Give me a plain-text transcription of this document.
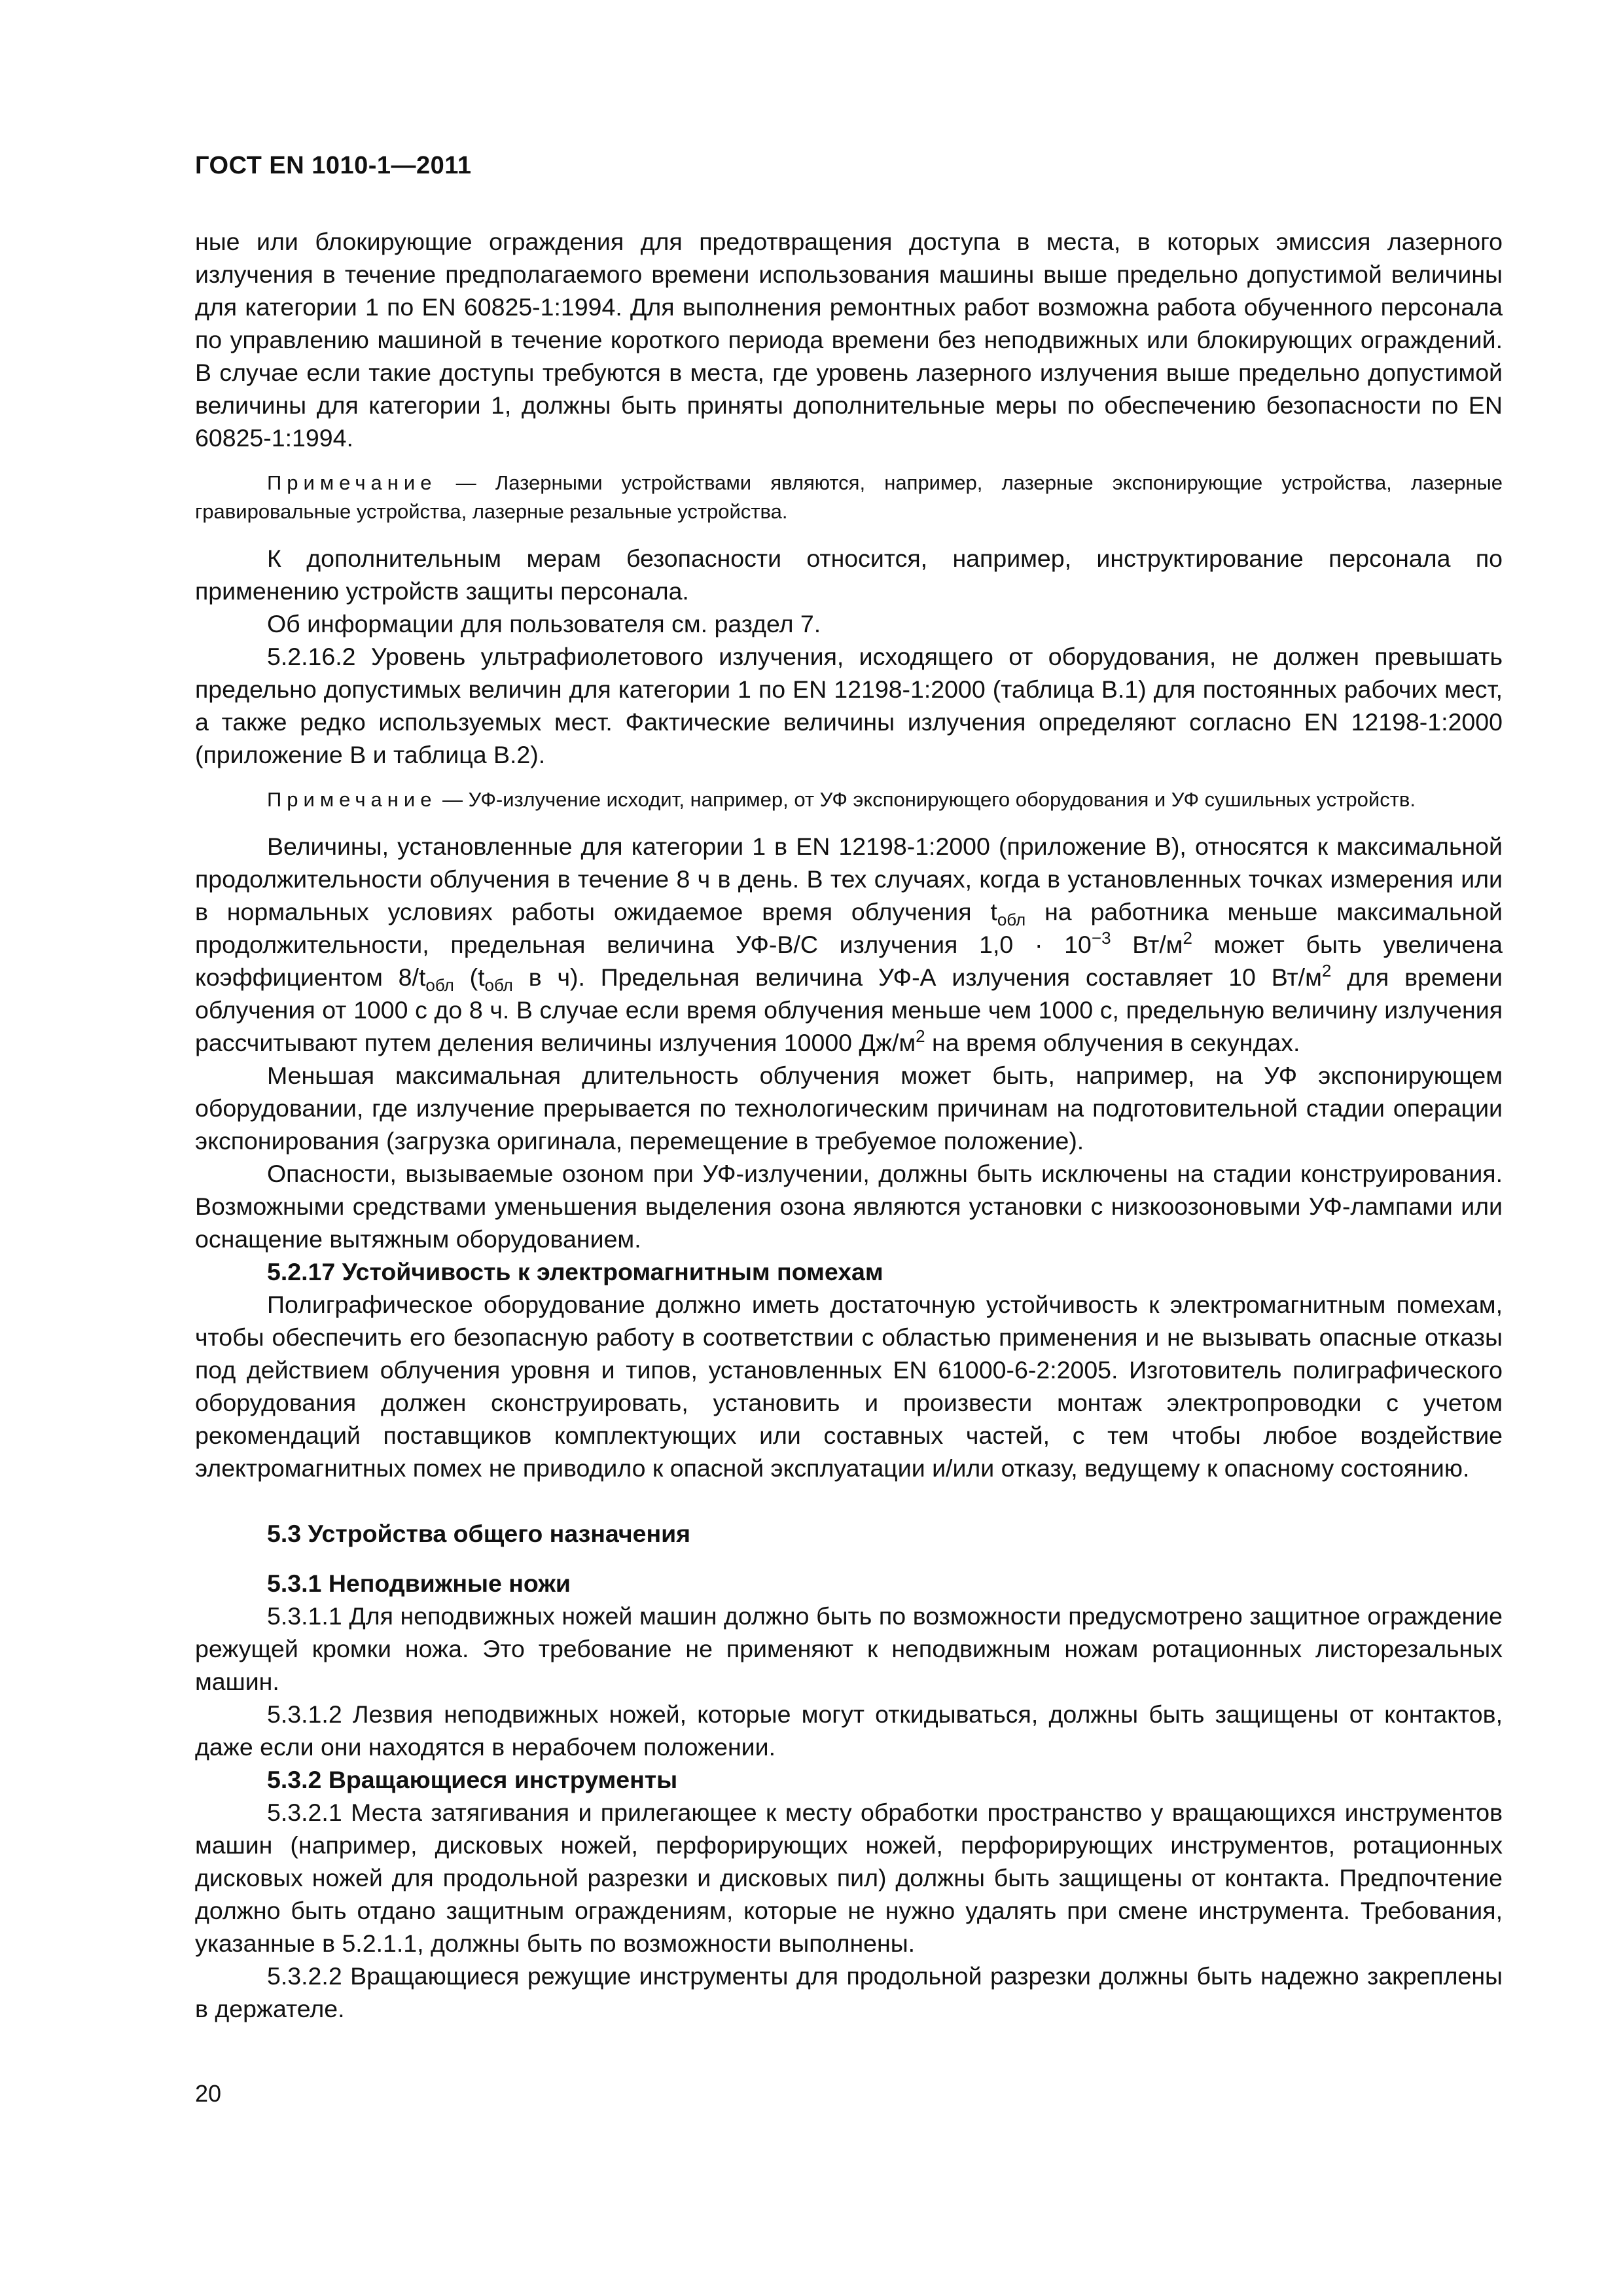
ГОСТ EN 1010-1—2011

ные или блокирующие ограждения для предотвращения доступа в места, в которых эмиссия лазерного излучения в течение предполагаемого времени использования машины выше предельно допустимой величины для категории 1 по EN 60825-1:1994. Для выполнения ремонтных работ возможна работа обученного персонала по управлению машиной в течение короткого периода времени без неподвижных или блокирующих ограждений. В случае если такие доступы требуются в места, где уровень лазерного излучения выше предельно допустимой величины для категории 1, должны быть приняты дополнительные меры по обеспечению безопасности по EN 60825-1:1994.

Примечание — Лазерными устройствами являются, например, лазерные экспонирующие устройства, лазерные гравировальные устройства, лазерные резальные устройства.

К дополнительным мерам безопасности относится, например, инструктирование персонала по применению устройств защиты персонала.

Об информации для пользователя см. раздел 7.

5.2.16.2 Уровень ультрафиолетового излучения, исходящего от оборудования, не должен превышать предельно допустимых величин для категории 1 по EN 12198-1:2000 (таблица В.1) для постоянных рабочих мест, а также редко используемых мест. Фактические величины излучения определяют согласно EN 12198-1:2000 (приложение В и таблица В.2).

Примечание — УФ-излучение исходит, например, от УФ экспонирующего оборудования и УФ сушильных устройств.

Величины, установленные для категории 1 в EN 12198-1:2000 (приложение В), относятся к максимальной продолжительности облучения в течение 8 ч в день. В тех случаях, когда в установленных точках измерения или в нормальных условиях работы ожидаемое время облучения $t_{обл}$ на работника меньше максимальной продолжительности, предельная величина УФ-В/С излучения $1,0 \cdot 10^{-3}$ $Вт/м^2$ может быть увеличена коэффициентом $8/t_{обл}$ ($t_{обл}$ в ч). Предельная величина УФ-А излучения составляет 10 $Вт/м^2$ для времени облучения от 1000 с до 8 ч. В случае если время облучения меньше чем 1000 с, предельную величину излучения рассчитывают путем деления величины излучения 10000 $Дж/м^2$ на время облучения в секундах.

Меньшая максимальная длительность облучения может быть, например, на УФ экспонирующем оборудовании, где излучение прерывается по технологическим причинам на подготовительной стадии операции экспонирования (загрузка оригинала, перемещение в требуемое положение).

Опасности, вызываемые озоном при УФ-излучении, должны быть исключены на стадии конструирования. Возможными средствами уменьшения выделения озона являются установки с низкоозоновыми УФ-лампами или оснащение вытяжным оборудованием.

5.2.17 Устойчивость к электромагнитным помехам

Полиграфическое оборудование должно иметь достаточную устойчивость к электромагнитным помехам, чтобы обеспечить его безопасную работу в соответствии с областью применения и не вызывать опасные отказы под действием облучения уровня и типов, установленных EN 61000-6-2:2005. Изготовитель полиграфического оборудования должен сконструировать, установить и произвести монтаж электропроводки с учетом рекомендаций поставщиков комплектующих или составных частей, с тем чтобы любое воздействие электромагнитных помех не приводило к опасной эксплуатации и/или отказу, ведущему к опасному состоянию.

5.3 Устройства общего назначения

5.3.1 Неподвижные ножи

5.3.1.1 Для неподвижных ножей машин должно быть по возможности предусмотрено защитное ограждение режущей кромки ножа. Это требование не применяют к неподвижным ножам ротационных листорезальных машин.

5.3.1.2 Лезвия неподвижных ножей, которые могут откидываться, должны быть защищены от контактов, даже если они находятся в нерабочем положении.

5.3.2 Вращающиеся инструменты

5.3.2.1 Места затягивания и прилегающее к месту обработки пространство у вращающихся инструментов машин (например, дисковых ножей, перфорирующих ножей, перфорирующих инструментов, ротационных дисковых ножей для продольной разрезки и дисковых пил) должны быть защищены от контакта. Предпочтение должно быть отдано защитным ограждениям, которые не нужно удалять при смене инструмента. Требования, указанные в 5.2.1.1, должны быть по возможности выполнены.

5.3.2.2 Вращающиеся режущие инструменты для продольной разрезки должны быть надежно закреплены в держателе.

20
